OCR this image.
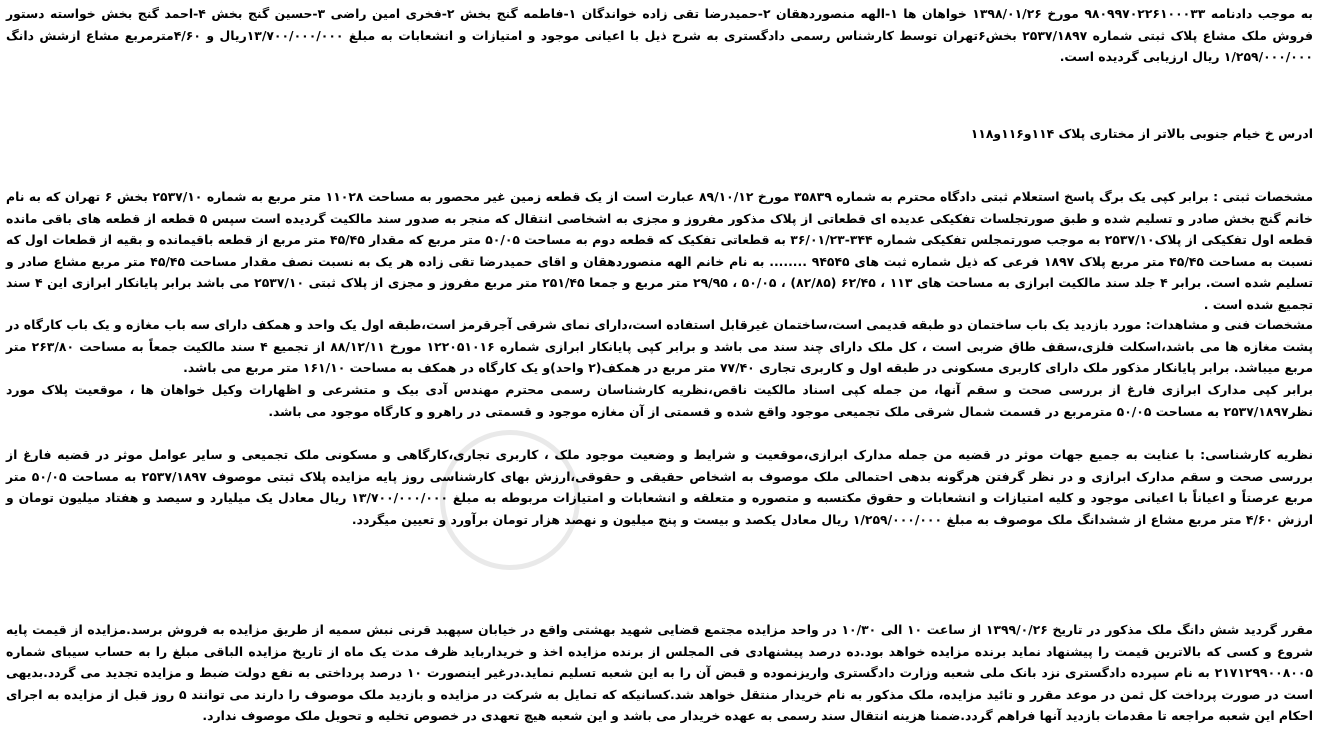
به موجب دادنامه ۹۸۰۹۹۷۰۲۲۶۱۰۰۰۳۳ مورخ ۱۳۹۸/۰۱/۲۶ خواهان ها ۱-الهه منصوردهقان ۲-حمیدرضا تقی زاده خواندگان ۱-فاطمه گنج بخش ۲-فخری امین راضی ۳-حسین گنج بخش ۴-احمد گنج بخش خواسته دستور فروش ملک مشاع پلاک ثبتی شماره ۲۵۳۷/۱۸۹۷ بخش۶تهران توسط کارشناس رسمی دادگستری به شرح ذیل با اعیانی موجود و امتیازات و انشعابات به مبلغ ۱۳/۷۰۰/۰۰۰/۰۰۰ریال و ۴/۶۰مترمربع مشاع ازشش دانگ ۱/۲۵۹/۰۰۰/۰۰۰ ریال ارزیابی گردیده است.

ادرس خ خیام جنوبی بالاتر از مختاری پلاک ۱۱۴و۱۱۶و۱۱۸

مشخصات ثبتی : برابر کپی یک برگ پاسخ استعلام ثبتی دادگاه محترم به شماره ۳۵۸۳۹ مورخ ۸۹/۱۰/۱۲ عبارت است از یک قطعه زمین غیر محصور به مساحت ۱۱۰۲۸ متر مربع به شماره ۲۵۳۷/۱۰ بخش ۶ تهران که به نام خانم گنج بخش صادر و تسلیم شده و طبق صورتجلسات تفکیکی عدیده ای قطعاتی از پلاک مذکور مفروز و مجزی به اشخاصی انتقال که منجر به صدور سند مالکیت گردیده است سپس ۵ قطعه از قطعه های باقی مانده قطعه اول تفکیکی از پلاک۲۵۳۷/۱۰ به موجب صورتمجلس تفکیکی شماره ۳۴۴-۳۶/۰۱/۲۳ به قطعاتی تفکیک که قطعه دوم به مساحت ۵۰/۰۵ متر مربع که مقدار ۴۵/۴۵ متر مربع از قطعه باقیمانده و بقیه از قطعات اول که نسبت به مساحت ۴۵/۴۵ متر مربع پلاک ۱۸۹۷ فرعی که ذیل شماره ثبت های ۹۴۵۴۵ ........ به نام خانم الهه منصوردهقان و اقای حمیدرضا تقی زاده هر یک به نسبت نصف مقدار مساحت ۴۵/۴۵ متر مربع مشاع صادر و تسلیم شده است. برابر ۴ جلد سند مالکیت ابرازی به مساحت های ۱۱۳ ، ۶۲/۴۵ (۸۲/۸۵) ، ۵۰/۰۵ ، ۲۹/۹۵ متر مربع و جمعا ۲۵۱/۴۵ متر مربع مفروز و مجزی از پلاک ثبتی ۲۵۳۷/۱۰ می باشد برابر پایانکار ابرازی این ۴ سند تجمیع شده است .

مشخصات فنی و مشاهدات: مورد بازدید یک باب ساختمان دو طبقه قدیمی است،ساختمان غیرقابل استفاده است،دارای نمای شرقی آجرقرمز است،طبقه اول یک واحد و همکف دارای سه باب مغازه و یک باب کارگاه در پشت مغازه ها می باشد،اسکلت فلزی،سقف طاق ضربی است ، کل ملک دارای چند سند می باشد و برابر کپی پایانکار ابرازی شماره ۱۲۲۰۵۱۰۱۶ مورخ ۸۸/۱۲/۱۱ از تجمیع ۴ سند مالکیت جمعاً به مساحت ۲۶۳/۸۰ متر مربع میباشد. برابر پایانکار مذکور ملک دارای کاربری مسکونی در طبقه اول و کاربری تجاری ۷۷/۴۰ متر مربع در همکف(۲ واحد)و یک کارگاه در همکف به مساحت ۱۶۱/۱۰ متر مربع می باشد.

برابر کپی مدارک ابرازی فارغ از بررسی صحت و سقم آنها، من جمله کپی اسناد مالکیت ناقص،نظریه کارشناسان رسمی محترم مهندس آدی بیک و متشرعی و اظهارات وکیل خواهان ها ، موقعیت پلاک مورد نظر۲۵۳۷/۱۸۹۷ به مساحت ۵۰/۰۵ مترمربع در قسمت شمال شرقی ملک تجمیعی موجود واقع شده و قسمتی از آن مغازه موجود و قسمتی در راهرو و کارگاه موجود می باشد.

نظریه کارشناسی: با عنایت به جمیع جهات موثر در قضیه من جمله مدارک ابرازی،موقعیت و شرایط و وضعیت موجود ملک ، کاربری تجاری،کارگاهی و مسکونی ملک تجمیعی و سایر عوامل موثر در قضیه فارغ از بررسی صحت و سقم مدارک ابرازی و در نظر گرفتن هرگونه بدهی احتمالی ملک موصوف به اشخاص حقیقی و حقوقی،ارزش بهای کارشناسی روز پایه مزایده پلاک ثبتی موصوف ۲۵۳۷/۱۸۹۷ به مساحت ۵۰/۰۵ متر مربع عرصتاً و اعیاناً با اعیانی موجود و کلیه امتیازات و انشعابات و حقوق مکتسبه و متصوره و متعلقه و انشعابات و امتیازات مربوطه به مبلغ ۱۳/۷۰۰/۰۰۰/۰۰۰ ریال معادل یک میلیارد و سیصد و هفتاد میلیون تومان و ارزش ۴/۶۰ متر مربع مشاع از ششدانگ ملک موصوف به مبلغ ۱/۲۵۹/۰۰۰/۰۰۰ ریال معادل یکصد و بیست و پنج میلیون و نهصد هزار تومان برآورد و تعیین میگردد.

مقرر گردید شش دانگ ملک مذکور در تاریخ ۱۳۹۹/۰/۲۶ از ساعت ۱۰ الی ۱۰/۳۰ در واحد مزایده مجتمع قضایی شهید بهشتی واقع در خیابان سپهبد قرنی نبش سمیه از طریق مزایده به فروش برسد.مزایده از قیمت پایه شروع و کسی که بالاترین قیمت را پیشنهاد نماید برنده مزایده خواهد بود.ده درصد پیشنهادی فی المجلس از برنده مزایده اخذ و خریدارباید ظرف مدت یک ماه از تاریخ مزایده الباقی مبلغ را به حساب سیبای شماره ۲۱۷۱۲۹۹۰۰۸۰۰۵ به نام سپرده دادگستری نزد بانک ملی شعبه وزارت دادگستری واریزنموده و قبض آن را به این شعبه تسلیم نماید.درغیر اینصورت ۱۰ درصد پرداختی به نفع دولت ضبط و مزایده تجدید می گردد.بدیهی است در صورت پرداخت کل ثمن در موعد مقرر و تائید مزایده، ملک مذکور به نام خریدار منتقل خواهد شد.کسانیکه که تمایل به شرکت در مزایده و بازدید ملک موصوف را دارند می توانند ۵ روز قبل از مزایده به اجرای احکام این شعبه مراجعه تا مقدمات بازدید آنها فراهم گردد.ضمنا هزینه انتقال سند رسمی به عهده خریدار می باشد و این شعبه هیچ تعهدی در خصوص تخلیه و تحویل ملک موصوف ندارد.
